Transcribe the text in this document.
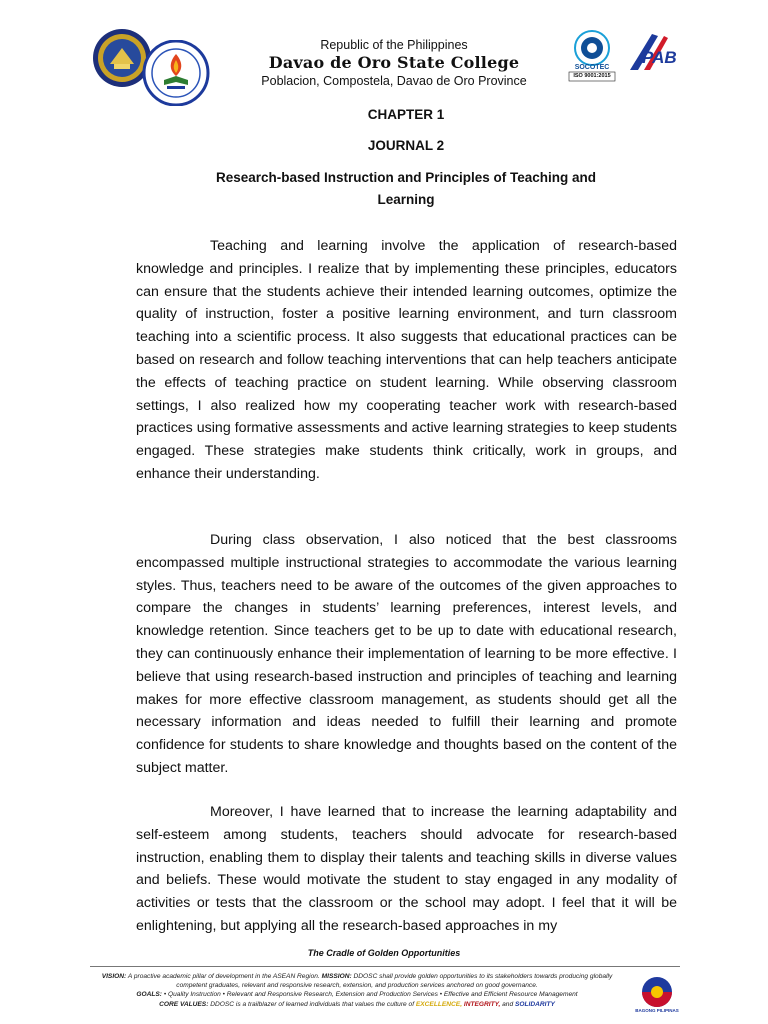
SOCOTEC
ISO 9001:2015
PAB
Republic of the Philippines
Davao de Oro State College
Poblacion, Compostela, Davao de Oro Province
CHAPTER 1
JOURNAL 2
Research-based Instruction and Principles of Teaching and
Learning

Teaching and learning involve the application of research-based knowledge and principles. I realize that by implementing these principles, educators can ensure that the students achieve their intended learning outcomes, optimize the quality of instruction, foster a positive learning environment, and turn classroom teaching into a scientific process. It also suggests that educational practices can be based on research and follow teaching interventions that can help teachers anticipate the effects of teaching practice on student learning. While observing classroom settings, I also realized how my cooperating teacher work with research-based practices using formative assessments and active learning strategies to keep students engaged. These strategies make students think critically, work in groups, and enhance their understanding.

During class observation, I also noticed that the best classrooms encompassed multiple instructional strategies to accommodate the various learning styles. Thus, teachers need to be aware of the outcomes of the given approaches to compare the changes in students’ learning preferences, interest levels, and knowledge retention. Since teachers get to be up to date with educational research, they can continuously enhance their implementation of learning to be more effective. I believe that using research-based instruction and principles of teaching and learning makes for more effective classroom management, as students should get all the necessary information and ideas needed to fulfill their learning and promote confidence for students to share knowledge and thoughts based on the content of the subject matter.

Moreover, I have learned that to increase the learning adaptability and self-esteem among students, teachers should advocate for research-based instruction, enabling them to display their talents and teaching skills in diverse values and beliefs. These would motivate the student to stay engaged in any modality of activities or tests that the classroom or the school may adopt. I feel that it will be enlightening, but applying all the research-based approaches in my

The Cradle of Golden Opportunities
VISION: A proactive academic pillar of development in the ASEAN Region. MISSION: DDOSC shall provide golden opportunities to its stakeholders towards producing globally competent graduates, relevant and responsive research, extension, and production services anchored on good governance.
GOALS: • Quality Instruction • Relevant and Responsive Research, Extension and Production Services • Effective and Efficient Resource Management
CORE VALUES: DDOSC is a trailblazer of learned individuals that values the culture of EXCELLENCE, INTEGRITY, and SOLIDARITY
BAGONG PILIPINAS
